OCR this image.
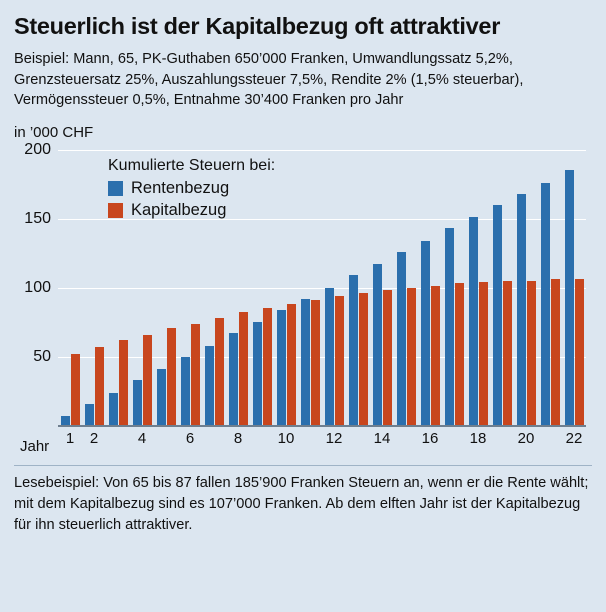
Steuerlich ist der Kapitalbezug oft attraktiver
Beispiel: Mann, 65, PK-Guthaben 650’000 Franken, Umwandlungssatz 5,2%, Grenzsteuersatz 25%, Auszahlungssteuer 7,5%, Rendite 2% (1,5% steuerbar), Vermögenssteuer 0,5%, Entnahme 30’400 Franken pro Jahr
in ’000 CHF
200
150
100
50
1	2	4	6	8	10 12 14 16 18 20 22
Kumulierte Steuern bei:
Rentenbezug
Kapitalbezug
Jahr
Lesebeispiel: Von 65 bis 87 fallen 185’900 Franken Steuern an, wenn er die Rente wählt; mit dem Kapitalbezug sind es 107’000 Franken. Ab dem elften Jahr ist der Kapitalbezug für ihn steuerlich attraktiver.
